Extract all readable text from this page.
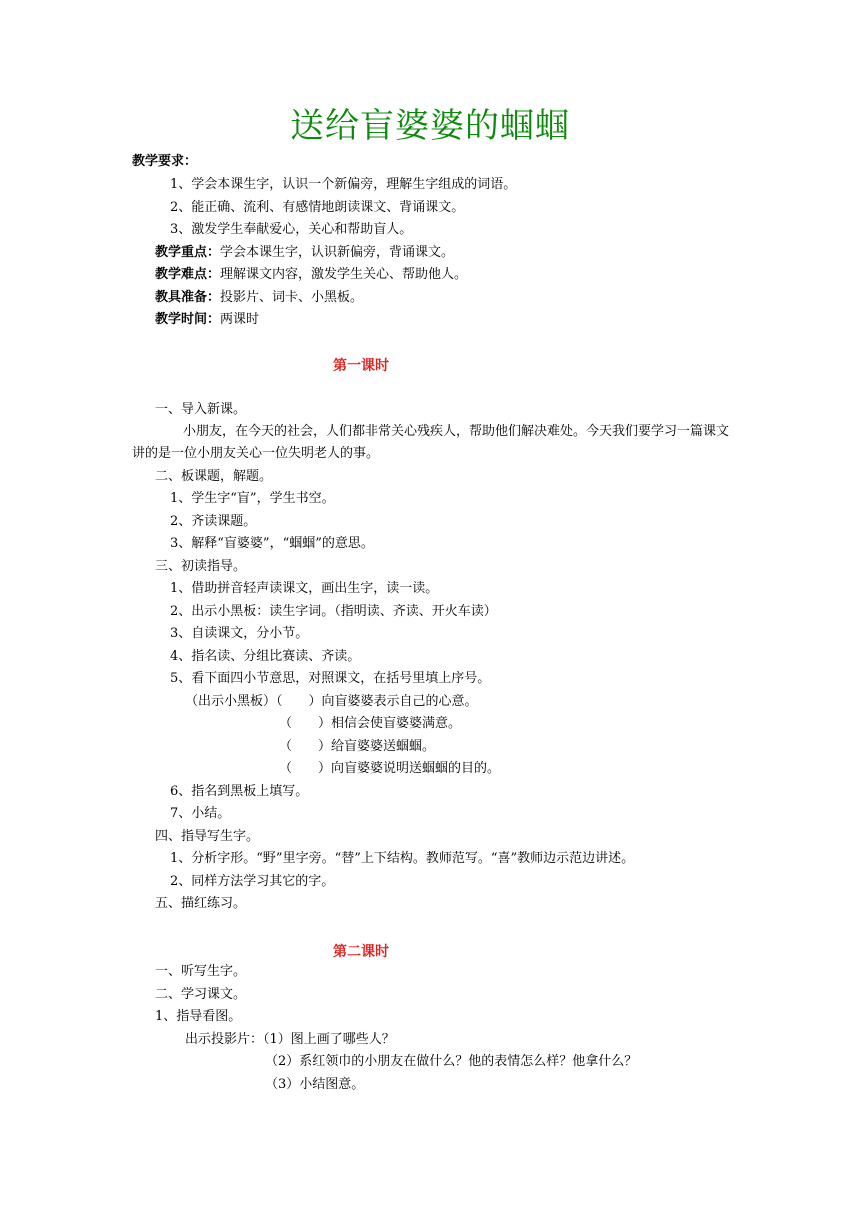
送给盲婆婆的蝈蝈
教学要求：
1、学会本课生字，认识一个新偏旁，理解生字组成的词语。
2、能正确、流利、有感情地朗读课文、背诵课文。
3、激发学生奉献爱心，关心和帮助盲人。
教学重点：学会本课生字，认识新偏旁，背诵课文。
教学难点：理解课文内容，激发学生关心、帮助他人。
教具准备：投影片、词卡、小黑板。
教学时间：两课时
第一课时
一、导入新课。
小朋友，在今天的社会，人们都非常关心残疾人，帮助他们解决难处。今天我们要学习一篇课文
讲的是一位小朋友关心一位失明老人的事。
二、板课题，解题。
1、学生字“盲”，学生书空。
2、齐读课题。
3、解释“盲婆婆”，“蝈蝈”的意思。
三、初读指导。
1、借助拼音轻声读课文，画出生字，读一读。
2、出示小黑板：读生字词。（指明读、齐读、开火车读）
3、自读课文，分小节。
4、指名读、分组比赛读、齐读。
5、看下面四小节意思，对照课文，在括号里填上序号。
（出示小黑板）（　　）向盲婆婆表示自己的心意。
（　　）相信会使盲婆婆满意。
（　　）给盲婆婆送蝈蝈。
（　　）向盲婆婆说明送蝈蝈的目的。
6、指名到黑板上填写。
7、小结。
四、指导写生字。
1、分析字形。“野”里字旁。“替”上下结构。教师范写。“喜”教师边示范边讲述。
2、同样方法学习其它的字。
五、描红练习。
第二课时
一、听写生字。
二、学习课文。
1、指导看图。
出示投影片：（1）图上画了哪些人？
（2）系红领巾的小朋友在做什么？他的表情怎么样？他拿什么？
（3）小结图意。
